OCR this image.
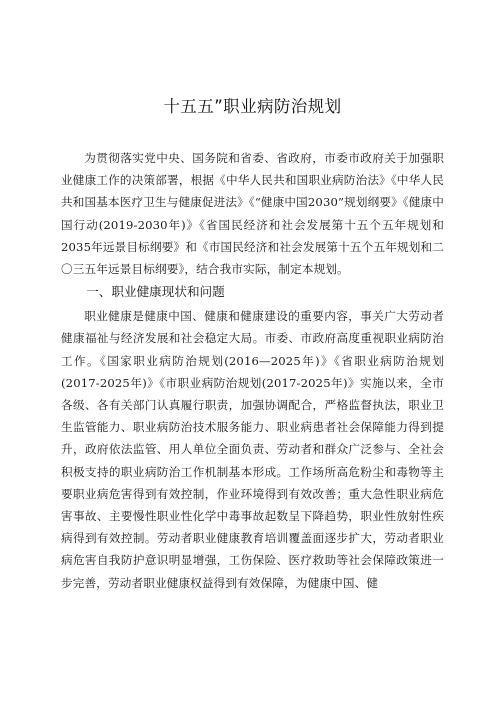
十五五”职业病防治规划

为贯彻落实党中央、国务院和省委、省政府，市委市政府关于加强职业健康工作的决策部署，根据《中华人民共和国职业病防治法》《中华人民共和国基本医疗卫生与健康促进法》《“健康中国2030”规划纲要》《健康中国行动(2019-2030年)》《省国民经济和社会发展第十五个五年规划和2035年远景目标纲要》和《市国民经济和社会发展第十五个五年规划和二〇三五年远景目标纲要》，结合我市实际，制定本规划。

一、职业健康现状和问题

职业健康是健康中国、健康和健康建设的重要内容，事关广大劳动者健康福祉与经济发展和社会稳定大局。市委、市政府高度重视职业病防治工作。《国家职业病防治规划(2016—2025年)》《省职业病防治规划(2017-2025年)》《市职业病防治规划(2017-2025年)》实施以来，全市各级、各有关部门认真履行职责，加强协调配合，严格监督执法，职业卫生监管能力、职业病防治技术服务能力、职业病患者社会保障能力得到提升，政府依法监管、用人单位全面负责、劳动者和群众广泛参与、全社会积极支持的职业病防治工作机制基本形成。工作场所高危粉尘和毒物等主要职业病危害得到有效控制，作业环境得到有效改善；重大急性职业病危害事故、主要慢性职业性化学中毒事故起数呈下降趋势，职业性放射性疾病得到有效控制。劳动者职业健康教育培训覆盖面逐步扩大，劳动者职业病危害自我防护意识明显增强，工伤保险、医疗救助等社会保障政策进一步完善，劳动者职业健康权益得到有效保障，为健康中国、健
